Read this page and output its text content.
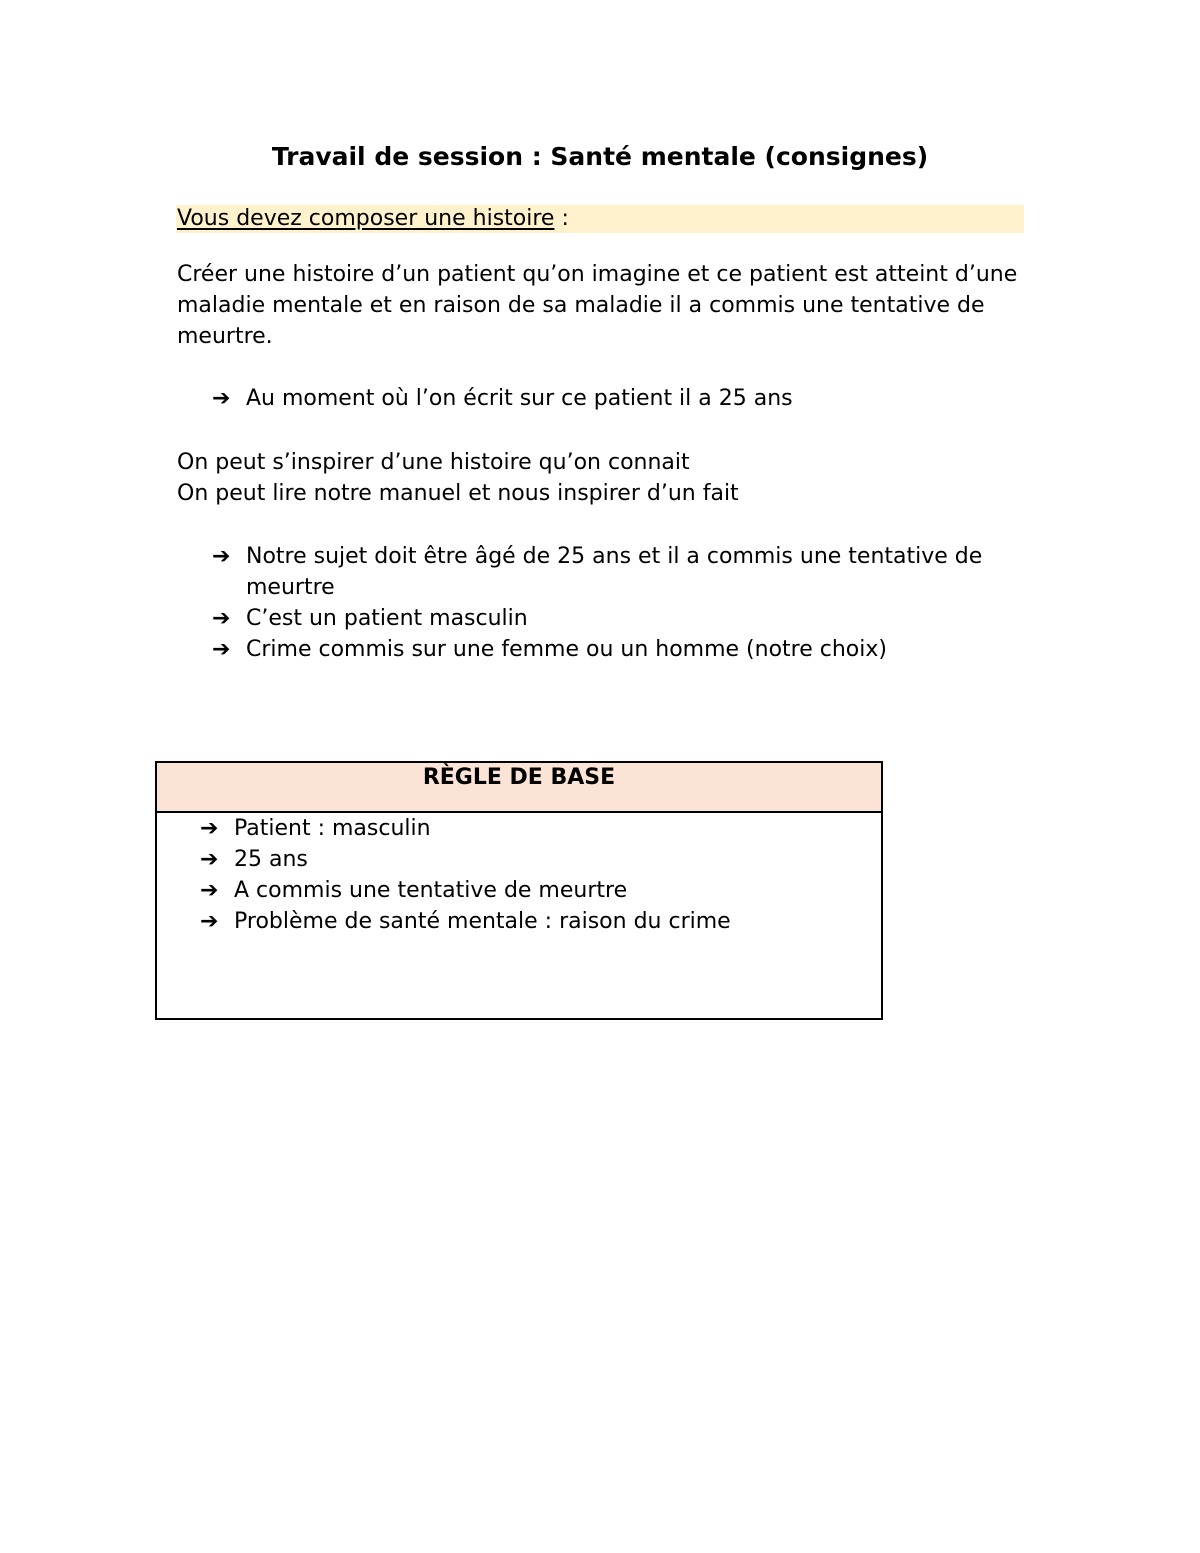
Travail de session : Santé mentale (consignes)
Vous devez composer une histoire :
Créer une histoire d’un patient qu’on imagine et ce patient est atteint d’une maladie mentale et en raison de sa maladie il a commis une tentative de meurtre.
➔ Au moment où l’on écrit sur ce patient il a 25 ans
On peut s’inspirer d’une histoire qu’on connait
On peut lire notre manuel et nous inspirer d’un fait
➔ Notre sujet doit être âgé de 25 ans et il a commis une tentative de meurtre
➔ C’est un patient masculin
➔ Crime commis sur une femme ou un homme (notre choix)
RÈGLE DE BASE
➔ Patient : masculin
➔ 25 ans
➔ A commis une tentative de meurtre
➔ Problème de santé mentale : raison du crime
